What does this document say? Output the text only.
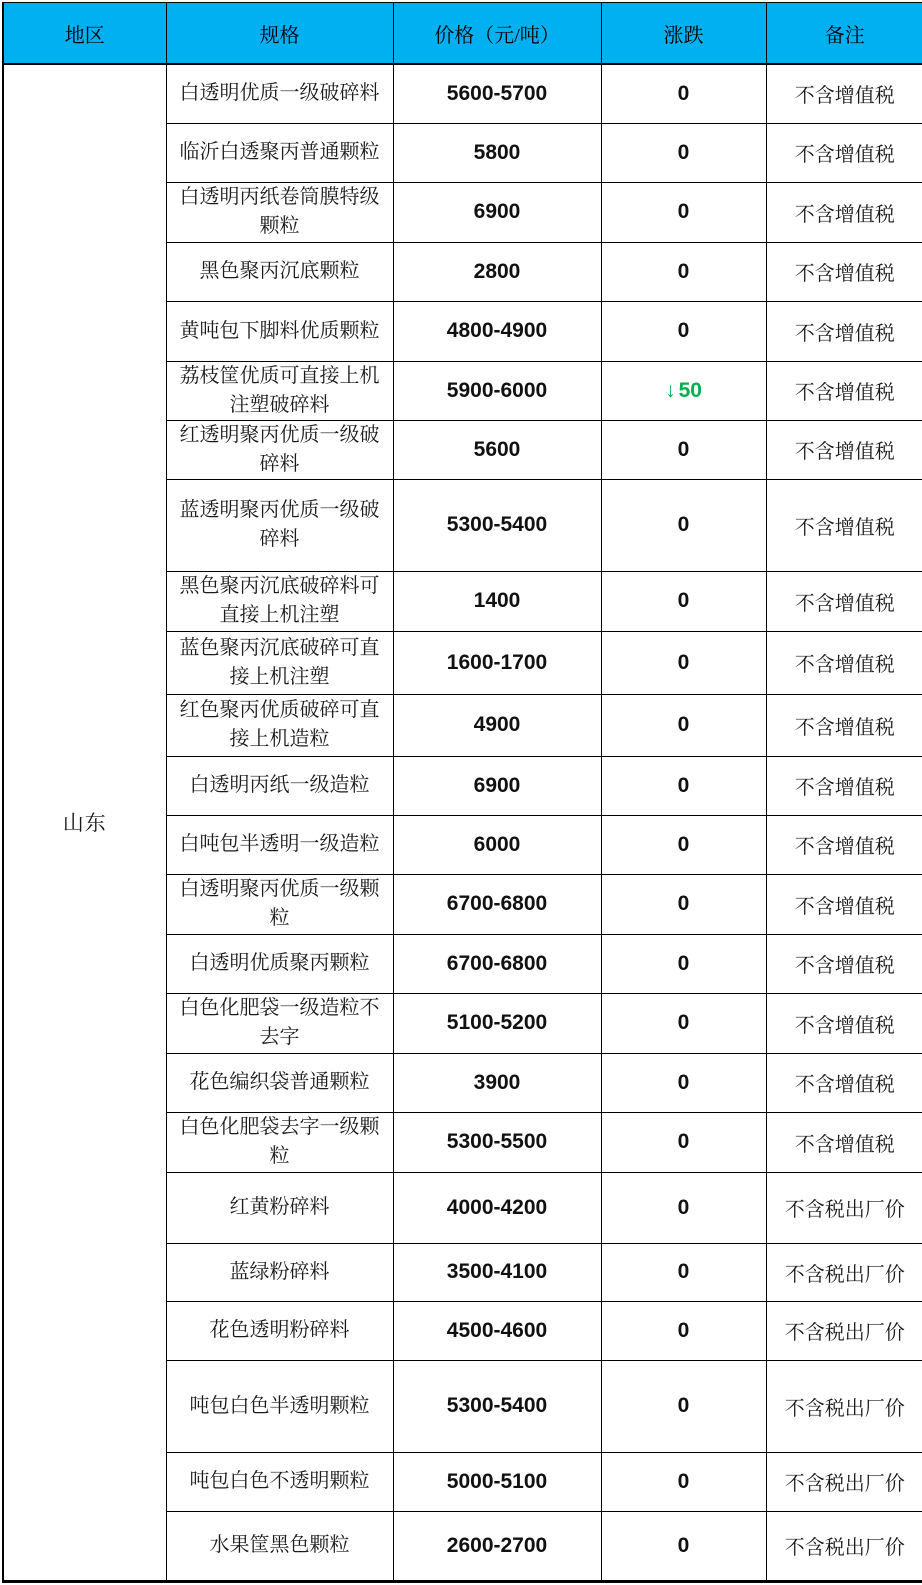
地区	规格	价格（元/吨）	涨跌	备注
山东	白透明优质一级破碎料	5600-5700	0	不含增值税
	临沂白透聚丙普通颗粒	5800	0	不含增值税
	白透明丙纸卷筒膜特级颗粒	6900	0	不含增值税
	黑色聚丙沉底颗粒	2800	0	不含增值税
	黄吨包下脚料优质颗粒	4800-4900	0	不含增值税
	荔枝筐优质可直接上机注塑破碎料	5900-6000	↓ 50	不含增值税
	红透明聚丙优质一级破碎料	5600	0	不含增值税
	蓝透明聚丙优质一级破碎料	5300-5400	0	不含增值税
	黑色聚丙沉底破碎料可直接上机注塑	1400	0	不含增值税
	蓝色聚丙沉底破碎可直接上机注塑	1600-1700	0	不含增值税
	红色聚丙优质破碎可直接上机造粒	4900	0	不含增值税
	白透明丙纸一级造粒	6900	0	不含增值税
	白吨包半透明一级造粒	6000	0	不含增值税
	白透明聚丙优质一级颗粒	6700-6800	0	不含增值税
	白透明优质聚丙颗粒	6700-6800	0	不含增值税
	白色化肥袋一级造粒不去字	5100-5200	0	不含增值税
	花色编织袋普通颗粒	3900	0	不含增值税
	白色化肥袋去字一级颗粒	5300-5500	0	不含增值税
	红黄粉碎料	4000-4200	0	不含税出厂价
	蓝绿粉碎料	3500-4100	0	不含税出厂价
	花色透明粉碎料	4500-4600	0	不含税出厂价
	吨包白色半透明颗粒	5300-5400	0	不含税出厂价
	吨包白色不透明颗粒	5000-5100	0	不含税出厂价
	水果筐黑色颗粒	2600-2700	0	不含税出厂价
